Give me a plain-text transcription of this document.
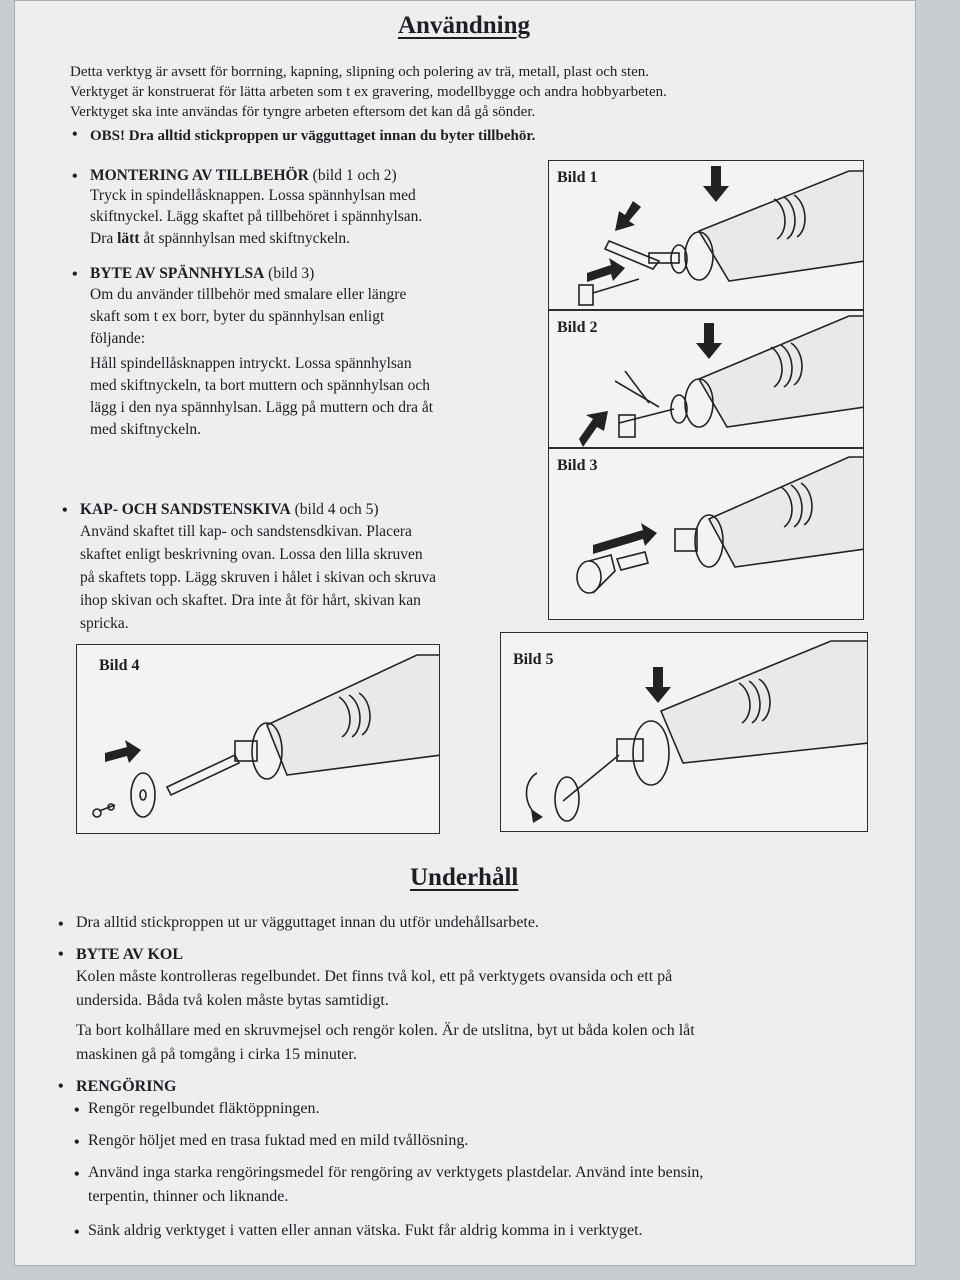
Användning

Detta verktyg är avsett för borrning, kapning, slipning och polering av trä, metall, plast och sten.

Verktyget är konstruerat för lätta arbeten som t ex gravering, modellbygge och andra hobbyarbeten.

Verktyget ska inte användas för tyngre arbeten eftersom det kan då gå sönder.

• OBS! Dra alltid stickproppen ur vägguttaget innan du byter tillbehör.

• MONTERING AV TILLBEHÖR (bild 1 och 2)

Tryck in spindellåsknappen. Lossa spännhylsan med

skiftnyckel. Lägg skaftet på tillbehöret i spännhylsan.

Dra lätt åt spännhylsan med skiftnyckeln.

• BYTE AV SPÄNNHYLSA (bild 3)

Om du använder tillbehör med smalare eller längre

skaft som t ex borr, byter du spännhylsan enligt

följande:

Håll spindellåsknappen intryckt. Lossa spännhylsan

med skiftnyckeln, ta bort muttern och spännhylsan och

lägg i den nya spännhylsan. Lägg på muttern och dra åt

med skiftnyckeln.

• KAP- OCH SANDSTENSKIVA (bild 4 och 5)

Använd skaftet till kap- och sandstensdkivan. Placera

skaftet enligt beskrivning ovan. Lossa den lilla skruven

på skaftets topp. Lägg skruven i hålet i skivan och skruva

ihop skivan och skaftet. Dra inte åt för hårt, skivan kan

spricka.

Bild 1
Bild 2
Bild 3
Bild 4	Bild 5
Underhåll
• Dra alltid stickproppen ut ur vägguttaget innan du utför undehållsarbete.

• BYTE AV KOL

Kolen måste kontrolleras regelbundet. Det finns två kol, ett på verktygets ovansida och ett på

undersida. Båda två kolen måste bytas samtidigt.

Ta bort kolhållare med en skruvmejsel och rengör kolen. Är de utslitna, byt ut båda kolen och låt

maskinen gå på tomgång i cirka 15 minuter.

• RENGÖRING

• Rengör regelbundet fläktöppningen.

• Rengör höljet med en trasa fuktad med en mild tvållösning.

• Använd inga starka rengöringsmedel för rengöring av verktygets plastdelar. Använd inte bensin,

terpentin, thinner och liknande.

• Sänk aldrig verktyget i vatten eller annan vätska. Fukt får aldrig komma in i verktyget.
